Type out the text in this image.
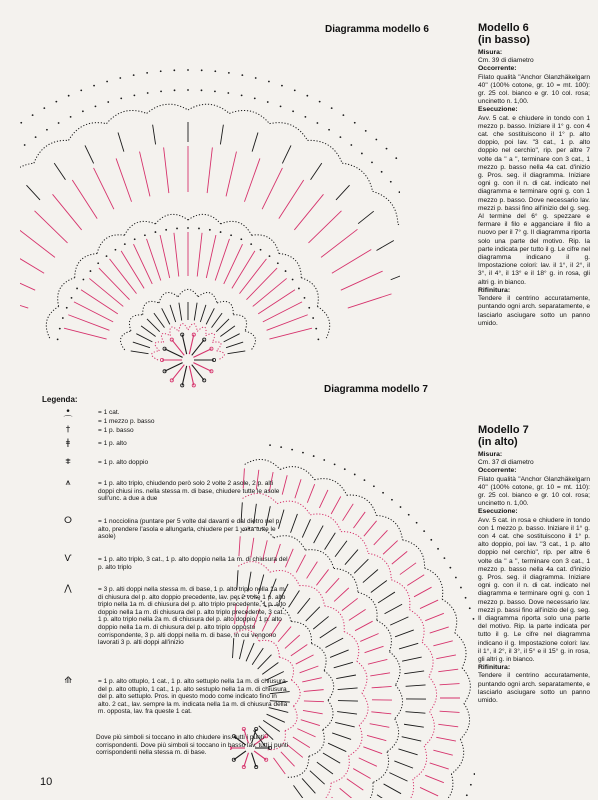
Diagramma modello 6
Diagramma modello 7
Modello 6
(in basso)
Misura:

Cm. 39 di diametro

Occorrente:

Filato qualità "Anchor Glanzhäkelgarn 40" (100% cotone, gr. 10 = mt. 100): gr. 25 col. bianco e gr. 10 col. rosa; uncinetto n. 1,00.

Esecuzione:

Avv. 5 cat. e chiudere in tondo con 1 mezzo p. basso. Iniziare il 1° g. con 4 cat. che sostituiscono il 1° p. alto doppio, poi lav. "3 cat., 1 p. alto doppio nel cerchio", rip. per altre 7 volte da " a ", terminare con 3 cat., 1 mezzo p. basso nella 4a cat. d'inizio g. Pros. seg. il diagramma. Iniziare ogni g. con il n. di cat. indicato nel diagramma e terminare ogni g. con 1 mezzo p. basso. Dove necessario lav. mezzi p. bassi fino all'inizio del g. seg. Al termine del 6° g. spezzare e fermare il filo e agganciare il filo a nuovo per il 7° g. Il diagramma riporta solo una parte del motivo. Rip. la parte indicata per tutto il g. Le cifre nel diagramma indicano il g. Impostazione colori: lav. il 1°, il 2°, il 3°, il 4°, il 13° e il 18° g. in rosa, gli altri g. in bianco.

Rifinitura:

Tendere il centrino accuratamente, puntando ogni arch. separatamente, e lasciarlo asciugare sotto un panno umido.

Modello 7
(in alto)
Misura:

Cm. 37 di diametro

Occorrente:

Filato qualità "Anchor Glanzhäkelgarn 40" (100% cotone, gr. 10 = mt. 110): gr. 25 col. bianco e gr. 10 col. rosa; uncinetto n. 1,00.

Esecuzione:

Avv. 5 cat. in rosa e chiudere in tondo con 1 mezzo p. basso. Iniziare il 1° g. con 4 cat. che sostituiscono il 1° p. alto doppio, poi lav. "3 cat., 1 p. alto doppio nel cerchio", rip. per altre 6 volte da " a ", terminare con 3 cat., 1 mezzo p. basso nella 4a cat. d'inizio g. Pros. seg. il diagramma. Iniziare ogni g. con il n. di cat. indicato nel diagramma e terminare ogni g. con 1 mezzo p. basso. Dove necessario lav. mezzi p. bassi fino all'inizio del g. seg. Il diagramma riporta solo una parte del motivo. Rip. la parte indicata per tutto il g. Le cifre nel diagramma indicano il g. Impostazione colori: lav. il 1°, il 2°, il 3°, il 5° e il 15° g. in rosa, gli altri g. in bianco.

Rifinitura:

Tendere il centrino accuratamente, puntando ogni arch. separatamente, e lasciarlo asciugare sotto un panno umido.

Legenda:
•	= 1 cat.
⌒	= 1 mezzo p. basso
†	= 1 p. basso
ǂ	= 1 p. alto
⩨	= 1 p. alto doppio
⩚	= 1 p. alto triplo, chiudendo però solo 2 volte 2 asole, 2 p. alti doppi chiusi ins. nella stessa m. di base, chiudere tutte le asole sull'unc. a due a due
ⵔ	= 1 nocciolina (puntare per 5 volte dal davanti e dal dietro nel p. alto, prendere l'asola e allungarla, chiudere per 1 volta tutte le asole)
Ѵ	= 1 p. alto triplo, 3 cat., 1 p. alto doppio nella 1a m. di chiusura del p. alto triplo
⋀	= 3 p. alti doppi nella stessa m. di base, 1 p. alto triplo nella 1a m. di chiusura del p. alto doppio precedente, lav. per 2 volte 1 p. alto triplo nella 1a m. di chiusura del p. alto triplo precedente, 1 p. alto doppio nella 1a m. di chiusura del p. alto triplo precedente, 3 cat., 1 p. alto triplo nella 2a m. di chiusura del p. alto doppio, 1 p. alto doppio nella 1a m. di chiusura del p. alto triplo opposto corrispondente, 3 p. alti doppi nella m. di base, in cui vengono lavorati 3 p. alti doppi all'inizio
⟰	= 1 p. alto ottuplo, 1 cat., 1 p. alto settuplo nella 1a m. di chiusura del p. alto ottuplo, 1 cat., 1 p. alto sestuplo nella 1a m. di chiusura del p. alto settuplo. Pros. in questo modo come indicato fino in alto. 2 cat., lav. sempre la m. indicata nella 1a m. di chiusura della m. opposta, lav. fra queste 1 cat.
Dove più simboli si toccano in alto chiudere ins. tutti i punti corrispondenti. Dove più simboli si toccano in basso lav. tutti i punti corrispondenti nella stessa m. di base.
10
